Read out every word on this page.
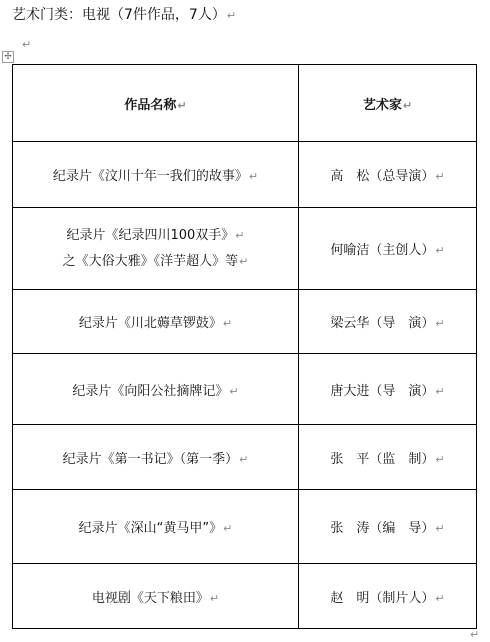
艺术门类：电视（7件作品，7人）↵
↵
✢
作品名称↵	艺术家↵
纪录片《汶川十年一我们的故事》↵	高　松（总导演）↵

纪录片《纪录四川100双手》↵
之《大俗大雅》《洋芋超人》等↵	何喻洁（主创人）↵
纪录片《川北薅草锣鼓》↵	梁云华（导　演）↵
纪录片《向阳公社摘牌记》↵	唐大进（导　演）↵
纪录片《第一书记》（第一季）↵	张　平（监　制）↵
纪录片《深山“黄马甲”》↵	张　涛（编　导）↵
电视剧《天下粮田》↵	赵　明（制片人）↵
↵
